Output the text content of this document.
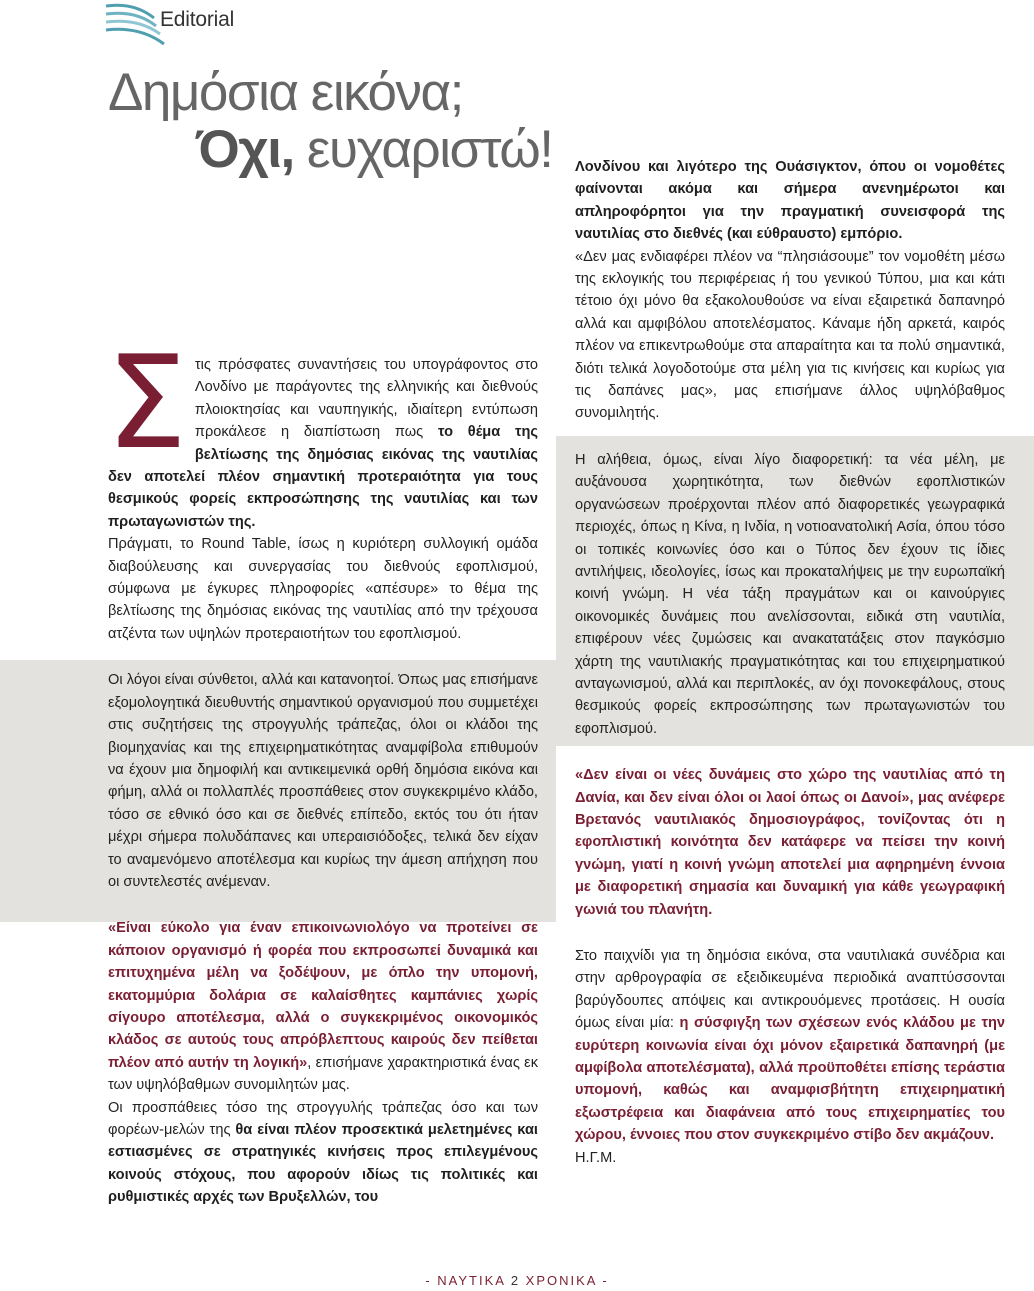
Editorial
Δημόσια εικόνα;
Όχι, ευχαριστώ!

Στις πρόσφατες συναντήσεις του υπογράφοντος στο Λονδίνο με παράγοντες της ελληνικής και διεθνούς πλοιοκτησίας και ναυπηγικής, ιδιαίτερη εντύπωση προκάλεσε η διαπίστωση πως το θέμα της βελτίωσης της δημόσιας εικόνας της ναυτιλίας δεν αποτελεί πλέον σημαντική προτεραιότητα για τους θεσμικούς φορείς εκπροσώπησης της ναυτιλίας και των πρωταγωνιστών της.

Πράγματι, το Round Table, ίσως η κυριότερη συλλογική ομάδα διαβούλευσης και συνεργασίας του διεθνούς εφοπλισμού, σύμφωνα με έγκυρες πληροφορίες «απέσυρε» το θέμα της βελτίωσης της δημόσιας εικόνας της ναυτιλίας από την τρέχουσα ατζέντα των υψηλών προτεραιοτήτων του εφοπλισμού.

Οι λόγοι είναι σύνθετοι, αλλά και κατανοητοί. Όπως μας επισήμανε εξομολογητικά διευθυντής σημαντικού οργανισμού που συμμετέχει στις συζητήσεις της στρογγυλής τράπεζας, όλοι οι κλάδοι της βιομηχανίας και της επιχειρηματικότητας αναμφίβολα επιθυμούν να έχουν μια δημοφιλή και αντικειμενικά ορθή δημόσια εικόνα και φήμη, αλλά οι πολλαπλές προσπάθειες στον συγκεκριμένο κλάδο, τόσο σε εθνικό όσο και σε διεθνές επίπεδο, εκτός του ότι ήταν μέχρι σήμερα πολυδάπανες και υπεραισιόδοξες, τελικά δεν είχαν το αναμενόμενο αποτέλεσμα και κυρίως την άμεση απήχηση που οι συντελεστές ανέμεναν.

«Είναι εύκολο για έναν επικοινωνιολόγο να προτείνει σε κάποιον οργανισμό ή φορέα που εκπροσωπεί δυναμικά και επιτυχημένα μέλη να ξοδέψουν, με όπλο την υπομονή, εκατομμύρια δολάρια σε καλαίσθητες καμπάνιες χωρίς σίγουρο αποτέλεσμα, αλλά ο συγκεκριμένος οικονομικός κλάδος σε αυτούς τους απρόβλεπτους καιρούς δεν πείθεται πλέον από αυτήν τη λογική», επισήμανε χαρακτηριστικά ένας εκ των υψηλόβαθμων συνομιλητών μας.

Οι προσπάθειες τόσο της στρογγυλής τράπεζας όσο και των φορέων-μελών της θα είναι πλέον προσεκτικά μελετημένες και εστιασμένες σε στρατηγικές κινήσεις προς επιλεγμένους κοινούς στόχους, που αφορούν ιδίως τις πολιτικές και ρυθμιστικές αρχές των Βρυξελλών, του

Λονδίνου και λιγότερο της Ουάσιγκτον, όπου οι νομοθέτες φαίνονται ακόμα και σήμερα ανενημέρωτοι και απληροφόρητοι για την πραγματική συνεισφορά της ναυτιλίας στο διεθνές (και εύθραυστο) εμπόριο.

«Δεν μας ενδιαφέρει πλέον να “πλησιάσουμε” τον νομοθέτη μέσω της εκλογικής του περιφέρειας ή του γενικού Τύπου, μια και κάτι τέτοιο όχι μόνο θα εξακολουθούσε να είναι εξαιρετικά δαπανηρό αλλά και αμφιβόλου αποτελέσματος. Κάναμε ήδη αρκετά, καιρός πλέον να επικεντρωθούμε στα απαραίτητα και τα πολύ σημαντικά, διότι τελικά λογοδοτούμε στα μέλη για τις κινήσεις και κυρίως για τις δαπάνες μας», μας επισήμανε άλλος υψηλόβαθμος συνομιλητής.

Η αλήθεια, όμως, είναι λίγο διαφορετική: τα νέα μέλη, με αυξάνουσα χωρητικότητα, των διεθνών εφοπλιστικών οργανώσεων προέρχονται πλέον από διαφορετικές γεωγραφικά περιοχές, όπως η Κίνα, η Ινδία, η νοτιοανατολική Ασία, όπου τόσο οι τοπικές κοινωνίες όσο και ο Τύπος δεν έχουν τις ίδιες αντιλήψεις, ιδεολογίες, ίσως και προκαταλήψεις με την ευρωπαϊκή κοινή γνώμη. Η νέα τάξη πραγμάτων και οι καινούργιες οικονομικές δυνάμεις που ανελίσσονται, ειδικά στη ναυτιλία, επιφέρουν νέες ζυμώσεις και ανακατατάξεις στον παγκόσμιο χάρτη της ναυτιλιακής πραγματικότητας και του επιχειρηματικού ανταγωνισμού, αλλά και περιπλοκές, αν όχι πονοκεφάλους, στους θεσμικούς φορείς εκπροσώπησης των πρωταγωνιστών του εφοπλισμού.

«Δεν είναι οι νέες δυνάμεις στο χώρο της ναυτιλίας από τη Δανία, και δεν είναι όλοι οι λαοί όπως οι Δανοί», μας ανέφερε Βρετανός ναυτιλιακός δημοσιογράφος, τονίζοντας ότι η εφοπλιστική κοινότητα δεν κατάφερε να πείσει την κοινή γνώμη, γιατί η κοινή γνώμη αποτελεί μια αφηρημένη έννοια με διαφορετική σημασία και δυναμική για κάθε γεωγραφική γωνιά του πλανήτη.

Στο παιχνίδι για τη δημόσια εικόνα, στα ναυτιλιακά συνέδρια και στην αρθρογραφία σε εξειδικευμένα περιοδικά αναπτύσσονται βαρύγδουπες απόψεις και αντικρουόμενες προτάσεις. Η ουσία όμως είναι μία: η σύσφιγξη των σχέσεων ενός κλάδου με την ευρύτερη κοινωνία είναι όχι μόνον εξαιρετικά δαπανηρή (με αμφίβολα αποτελέσματα), αλλά προϋποθέτει επίσης τεράστια υπομονή, καθώς και αναμφισβήτητη επιχειρηματική εξωστρέφεια και διαφάνεια από τους επιχειρηματίες του χώρου, έννοιες που στον συγκεκριμένο στίβο δεν ακμάζουν.

Η.Γ.Μ.

- ΝΑΥΤΙΚΑ 2 ΧΡΟΝΙΚΑ -
